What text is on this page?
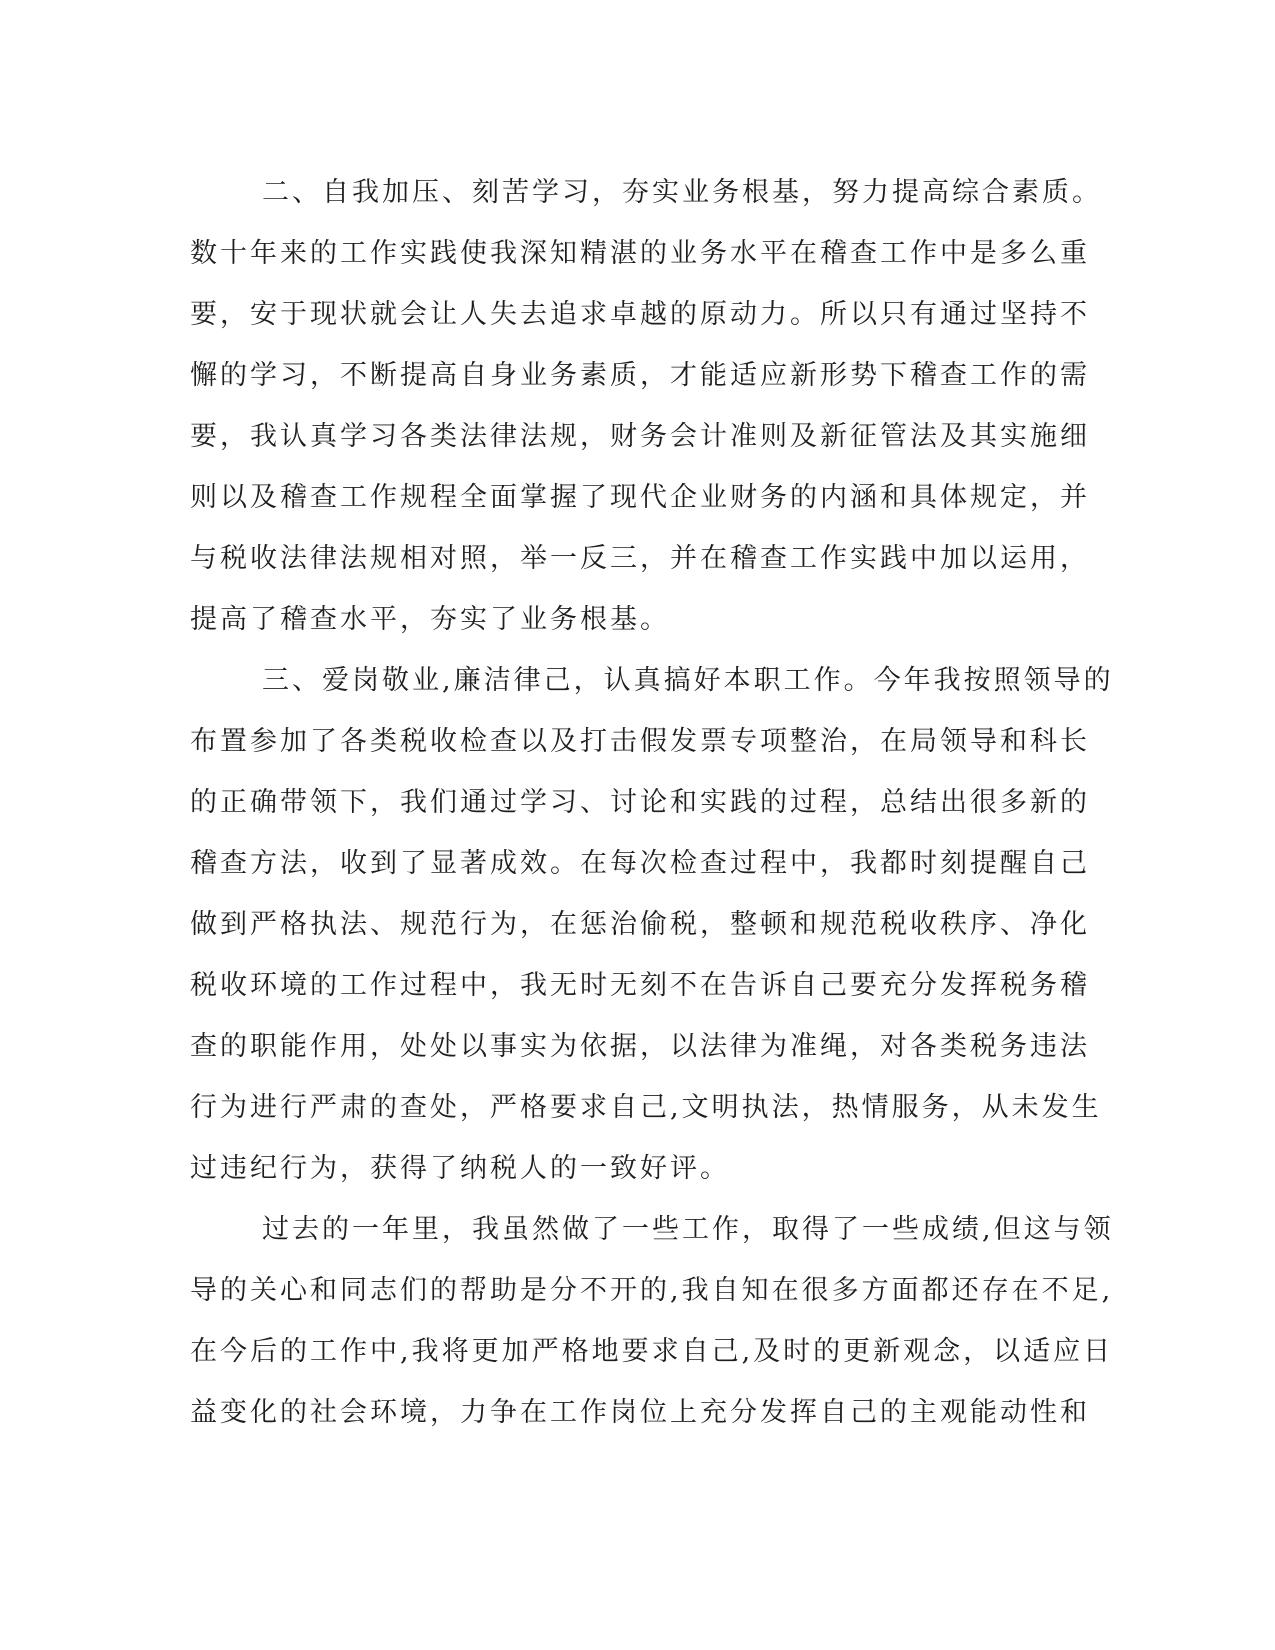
二、自我加压、刻苦学习，夯实业务根基，努力提高综合素质。
数十年来的工作实践使我深知精湛的业务水平在稽查工作中是多么重
要，安于现状就会让人失去追求卓越的原动力。所以只有通过坚持不
懈的学习，不断提高自身业务素质，才能适应新形势下稽查工作的需
要，我认真学习各类法律法规，财务会计准则及新征管法及其实施细
则以及稽查工作规程全面掌握了现代企业财务的内涵和具体规定，并
与税收法律法规相对照，举一反三，并在稽查工作实践中加以运用，
提高了稽查水平，夯实了业务根基。
三、爱岗敬业,廉洁律己，认真搞好本职工作。今年我按照领导的
布置参加了各类税收检查以及打击假发票专项整治，在局领导和科长
的正确带领下，我们通过学习、讨论和实践的过程，总结出很多新的
稽查方法，收到了显著成效。在每次检查过程中，我都时刻提醒自己
做到严格执法、规范行为，在惩治偷税，整顿和规范税收秩序、净化
税收环境的工作过程中，我无时无刻不在告诉自己要充分发挥税务稽
查的职能作用，处处以事实为依据，以法律为准绳，对各类税务违法
行为进行严肃的查处，严格要求自己,文明执法，热情服务，从未发生
过违纪行为，获得了纳税人的一致好评。
过去的一年里，我虽然做了一些工作，取得了一些成绩,但这与领
导的关心和同志们的帮助是分不开的,我自知在很多方面都还存在不足,
在今后的工作中,我将更加严格地要求自己,及时的更新观念，以适应日
益变化的社会环境，力争在工作岗位上充分发挥自己的主观能动性和
